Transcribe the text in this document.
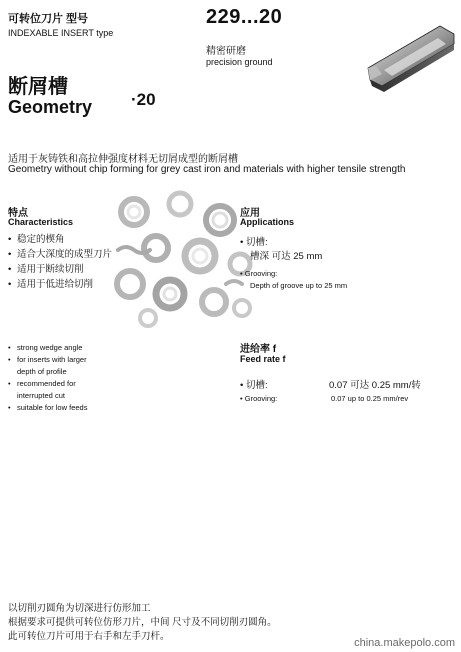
可转位刀片 型号
INDEXABLE INSERT type
229...20
精密研磨
precision ground
断屑槽
Geometry ·20
适用于灰铸铁和高拉伸强度材料无切屑成型的断屑槽
Geometry without chip forming for grey cast iron and materials with higher tensile strength
特点
Characteristics
• 稳定的楔角
• 适合大深度的成型刀片
• 适用于断续切削
• 适用于低进给切削
• strong wedge angle
• for inserts with larger
depth of profile
• recommended for
interrupted cut
• suitable for low feeds
应用
Applications
• 切槽:
槽深 可达 25 mm
• Grooving:
Depth of groove up to 25 mm
进给率 f
Feed rate f
• 切槽:	0.07 可达 0.25 mm/转
• Grooving:	0.07 up to 0.25 mm/rev
以切削刃圆角为切深进行仿形加工
根据要求可提供可转位仿形刀片，中间 尺寸及不同切削刃圆角。
此可转位刀片可用于右手和左手刀杆。
china.makepolo.com
